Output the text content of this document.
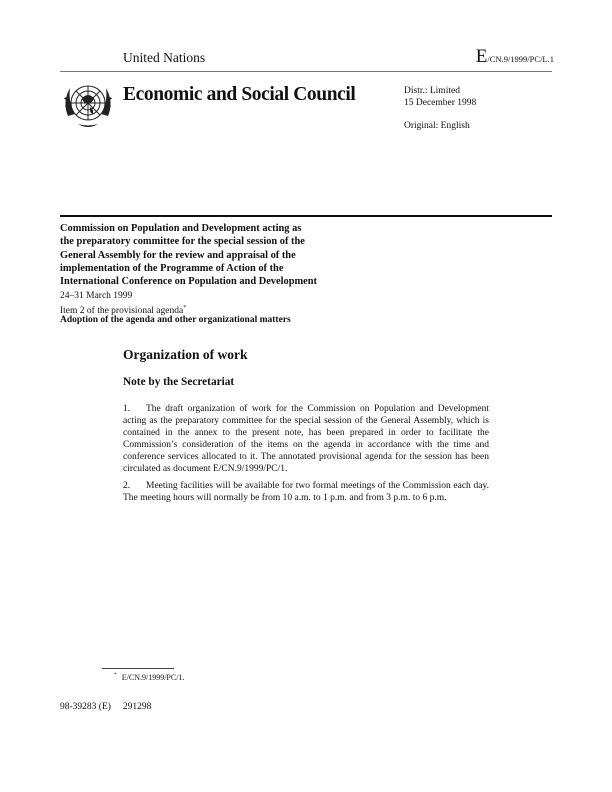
United Nations	E/CN.9/1999/PC/L.1
Economic and Social Council	Distr.: Limited
15 December 1998
Original: English
Commission on Population and Development acting as
the preparatory committee for the special session of the
General Assembly for the review and appraisal of the
implementation of the Programme of Action of the
International Conference on Population and Development
24–31 March 1999
Item 2 of the provisional agenda*
Adoption of the agenda and other organizational matters
Organization of work
Note by the Secretariat
1. The draft organization of work for the Commission on Population and Development acting as the preparatory committee for the special session of the General Assembly, which is contained in the annex to the present note, has been prepared in order to facilitate the Commission’s consideration of the items on the agenda in accordance with the time and conference services allocated to it. The annotated provisional agenda for the session has been circulated as document E/CN.9/1999/PC/1.
2. Meeting facilities will be available for two formal meetings of the Commission each day. The meeting hours will normally be from 10 a.m. to 1 p.m. and from 3 p.m. to 6 p.m.
* E/CN.9/1999/PC/1.
98-39283 (E) 291298
